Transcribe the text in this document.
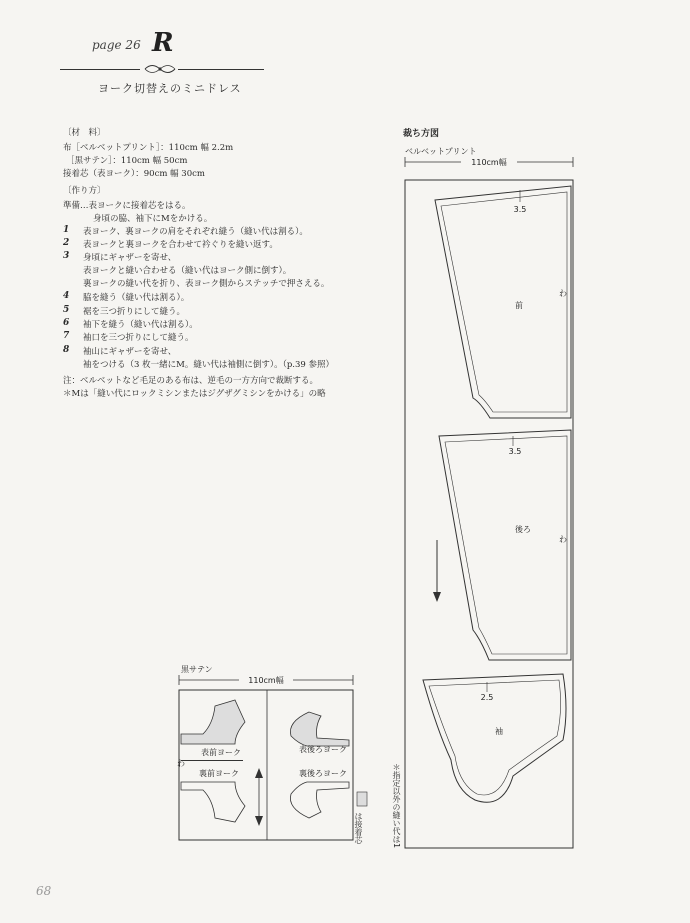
page 26 R
ヨーク切替えのミニドレス
〔材　料〕
布［ベルベットプリント］：110cm 幅 2.2m
［黒サテン］：110cm 幅 50cm
接着芯（表ヨーク）：90cm 幅 30cm
〔作り方〕
準備…表ヨークに接着芯をはる。
身頃の脇、袖下にMをかける。
1 表ヨーク、裏ヨークの肩をそれぞれ縫う（縫い代は割る）。
2 表ヨークと裏ヨークを合わせて衿ぐりを縫い返す。
3 身頃にギャザーを寄せ、
表ヨークと縫い合わせる（縫い代はヨーク側に倒す）。
裏ヨークの縫い代を折り、表ヨーク側からステッチで押さえる。
4 脇を縫う（縫い代は割る）。
5 裾を三つ折りにして縫う。
6 袖下を縫う（縫い代は割る）。
7 袖口を三つ折りにして縫う。
8 袖山にギャザーを寄せ、
袖をつける（3 枚一緒にM。縫い代は袖側に倒す）。（p.39 参照）
注：ベルベットなど毛足のある布は、逆毛の一方方向で裁断する。
＊Mは「縫い代にロックミシンまたはジグザグミシンをかける」の略
裁ち方図
ベルベットプリント
110cm幅
3.5
前
わ
3.5
後ろ
わ
2.5
袖
＊指定以外の縫い代は1
黒サテン
110cm幅
表前ヨーク
わ
裏前ヨーク
表後ろヨーク
裏後ろヨーク
は接着芯
68
